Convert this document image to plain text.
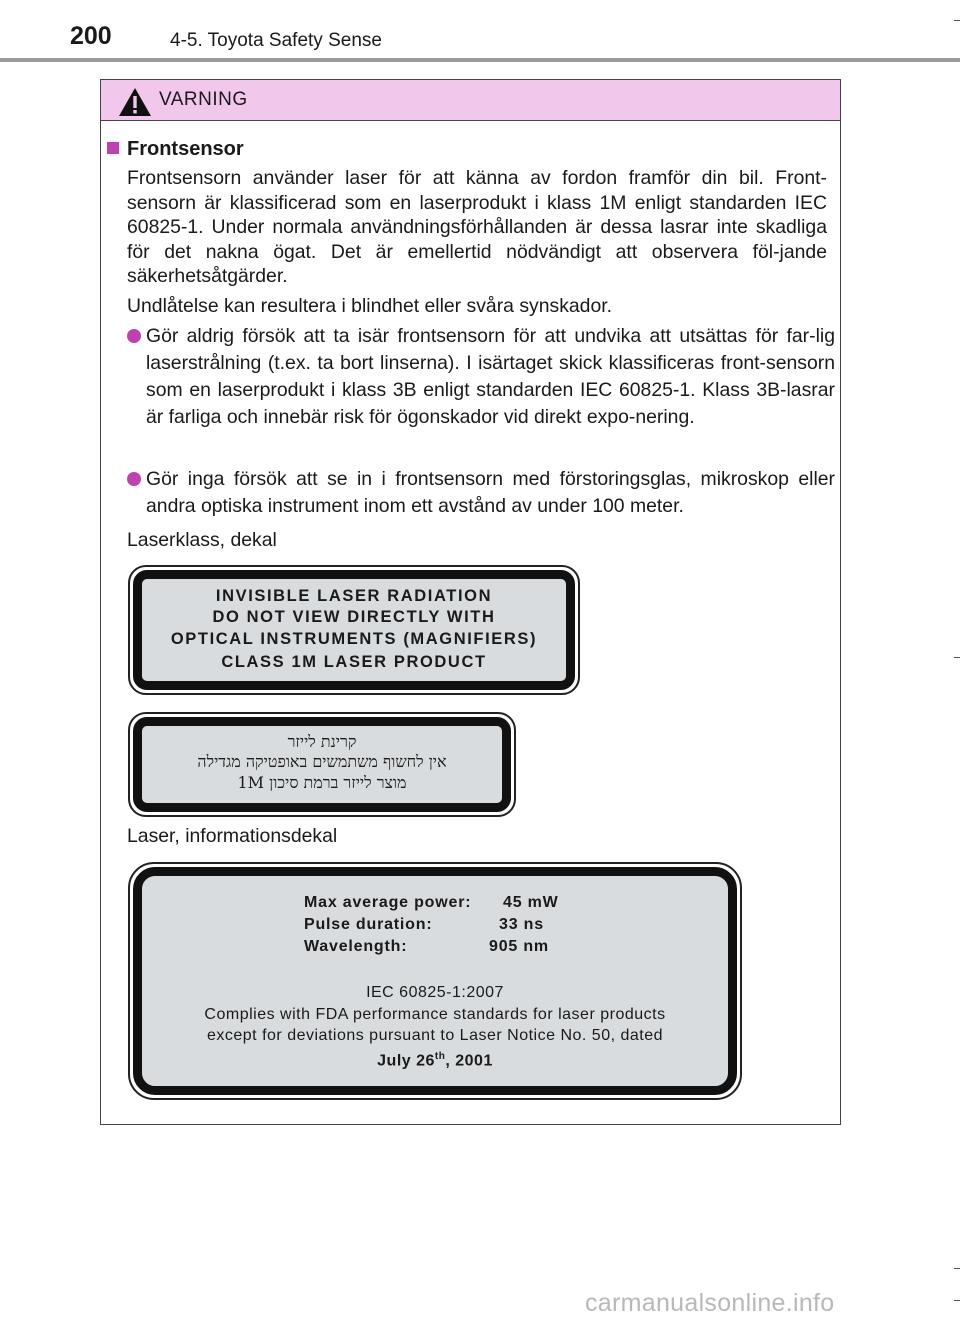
200	4-5. Toyota Safety Sense
VARNING
Frontsensor
Frontsensorn använder laser för att känna av fordon framför din bil. Front-sensorn är klassificerad som en laserprodukt i klass 1M enligt standarden IEC 60825-1. Under normala användningsförhållanden är dessa lasrar inte skadliga för det nakna ögat. Det är emellertid nödvändigt att observera föl-jande säkerhetsåtgärder.
Undlåtelse kan resultera i blindhet eller svåra synskador.
Gör aldrig försök att ta isär frontsensorn för att undvika att utsättas för far-lig laserstrålning (t.ex. ta bort linserna). I isärtaget skick klassificeras front-sensorn som en laserprodukt i klass 3B enligt standarden IEC 60825-1. Klass 3B-lasrar är farliga och innebär risk för ögonskador vid direkt expo-nering.
Gör inga försök att se in i frontsensorn med förstoringsglas, mikroskop eller andra optiska instrument inom ett avstånd av under 100 meter.
Laserklass, dekal
Laser, informationsdekal
INVISIBLE LASER RADIATION
DO NOT VIEW DIRECTLY WITH
OPTICAL INSTRUMENTS (MAGNIFIERS)
CLASS 1M LASER PRODUCT
קרינת לייזר
אין לחשוף משתמשים באופטיקה מגדילה
מוצר לייזר ברמת סיכון 1M
Max average power: 45 mW
Pulse duration:	33 ns
Wavelength:	905 nm
IEC 60825-1:2007
Complies with FDA performance standards for laser products
except for deviations pursuant to Laser Notice No. 50, dated
July 26th, 2001
carmanualsonline.info
